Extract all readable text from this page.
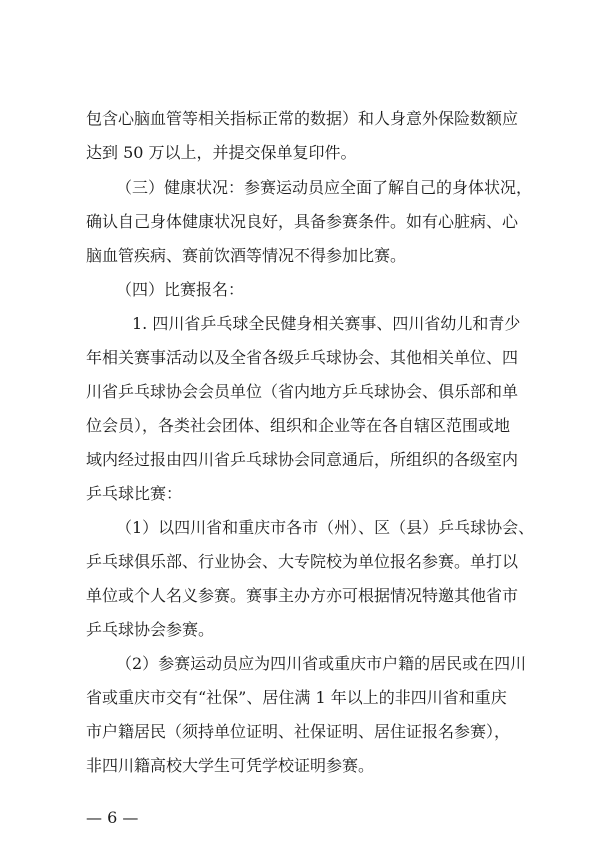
包含心脑血管等相关指标正常的数据）和人身意外保险数额应
达到 50 万以上，并提交保单复印件。
（三）健康状况：参赛运动员应全面了解自己的身体状况，
确认自己身体健康状况良好，具备参赛条件。如有心脏病、心
脑血管疾病、赛前饮酒等情况不得参加比赛。
（四）比赛报名：
1. 四川省乒乓球全民健身相关赛事、四川省幼儿和青少
年相关赛事活动以及全省各级乒乓球协会、其他相关单位、四
川省乒乓球协会会员单位（省内地方乒乓球协会、俱乐部和单
位会员），各类社会团体、组织和企业等在各自辖区范围或地
域内经过报由四川省乒乓球协会同意通后，所组织的各级室内
乒乓球比赛：
（1）以四川省和重庆市各市（州）、区（县）乒乓球协会、
乒乓球俱乐部、行业协会、大专院校为单位报名参赛。单打以
单位或个人名义参赛。赛事主办方亦可根据情况特邀其他省市
乒乓球协会参赛。
（2）参赛运动员应为四川省或重庆市户籍的居民或在四川
省或重庆市交有“社保”、居住满 1 年以上的非四川省和重庆
市户籍居民（须持单位证明、社保证明、居住证报名参赛），
非四川籍高校大学生可凭学校证明参赛。
— 6 —
